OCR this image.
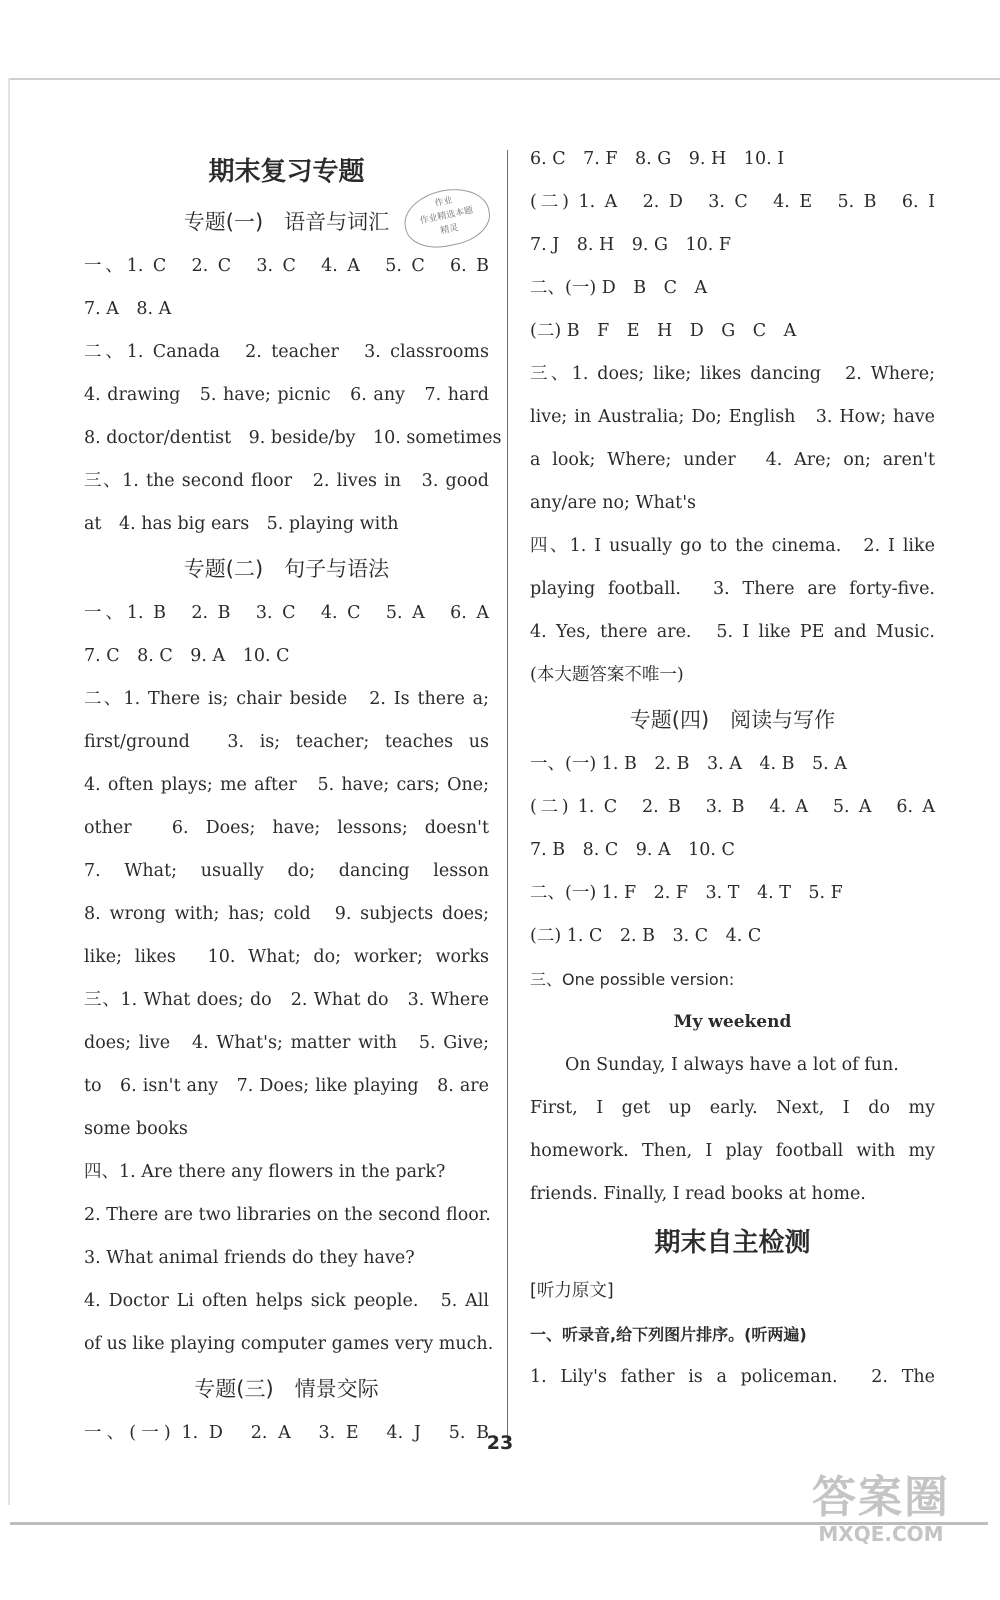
期末复习专题
专题(一)　语音与词汇
一、1. C　2. C　3. C　4. A　5. C　6. B
7. A　8. A
二、1. Canada　2. teacher　3. classrooms
4. drawing　5. have; picnic　6. any　7. hard
8. doctor/dentist　9. beside/by　10. sometimes
三、1. the second floor　2. lives in　3. good
at　4. has big ears　5. playing with
专题(二)　句子与语法
一、1. B　2. B　3. C　4. C　5. A　6. A
7. C　8. C　9. A　10. C
二、1. There is; chair beside　2. Is there a;
first/ground　3. is; teacher; teaches us
4. often plays; me after　5. have; cars; One;
other　6. Does; have; lessons; doesn't
7. What; usually do; dancing lesson
8. wrong with; has; cold　9. subjects does;
like; likes　10. What; do; worker; works
三、1. What does; do　2. What do　3. Where
does; live　4. What's; matter with　5. Give;
to　6. isn't any　7. Does; like playing　8. are
some books
四、1. Are there any flowers in the park?
2. There are two libraries on the second floor.
3. What animal friends do they have?
4. Doctor Li often helps sick people.　5. All
of us like playing computer games very much.
专题(三)　情景交际
一、(一) 1. D　2. A　3. E　4. J　5. B
6. C　7. F　8. G　9. H　10. I
(二) 1. A　2. D　3. C　4. E　5. B　6. I
7. J　8. H　9. G　10. F
二、(一) D　B　C　A
(二) B　F　E　H　D　G　C　A
三、1. does; like; likes dancing　2. Where;
live; in Australia; Do; English　3. How; have
a look; Where; under　4. Are; on; aren't
any/are no; What's
四、1. I usually go to the cinema.　2. I like
playing football.　3. There are forty-five.
4. Yes, there are.　5. I like PE and Music.
(本大题答案不唯一)
专题(四)　阅读与写作
一、(一) 1. B　2. B　3. A　4. B　5. A
(二) 1. C　2. B　3. B　4. A　5. A　6. A
7. B　8. C　9. A　10. C
二、(一) 1. F　2. F　3. T　4. T　5. F
(二) 1. C　2. B　3. C　4. C
三、One possible version:
My weekend
On Sunday, I always have a lot of fun.
First, I get up early. Next, I do my
homework. Then, I play football with my
friends. Finally, I read books at home.
期末自主检测
[听力原文]
一、听录音,给下列图片排序。(听两遍)
1. Lily's father is a policeman.　2. The
作业
作业精选本题
精灵
23
答案圈
MXQE.COM
